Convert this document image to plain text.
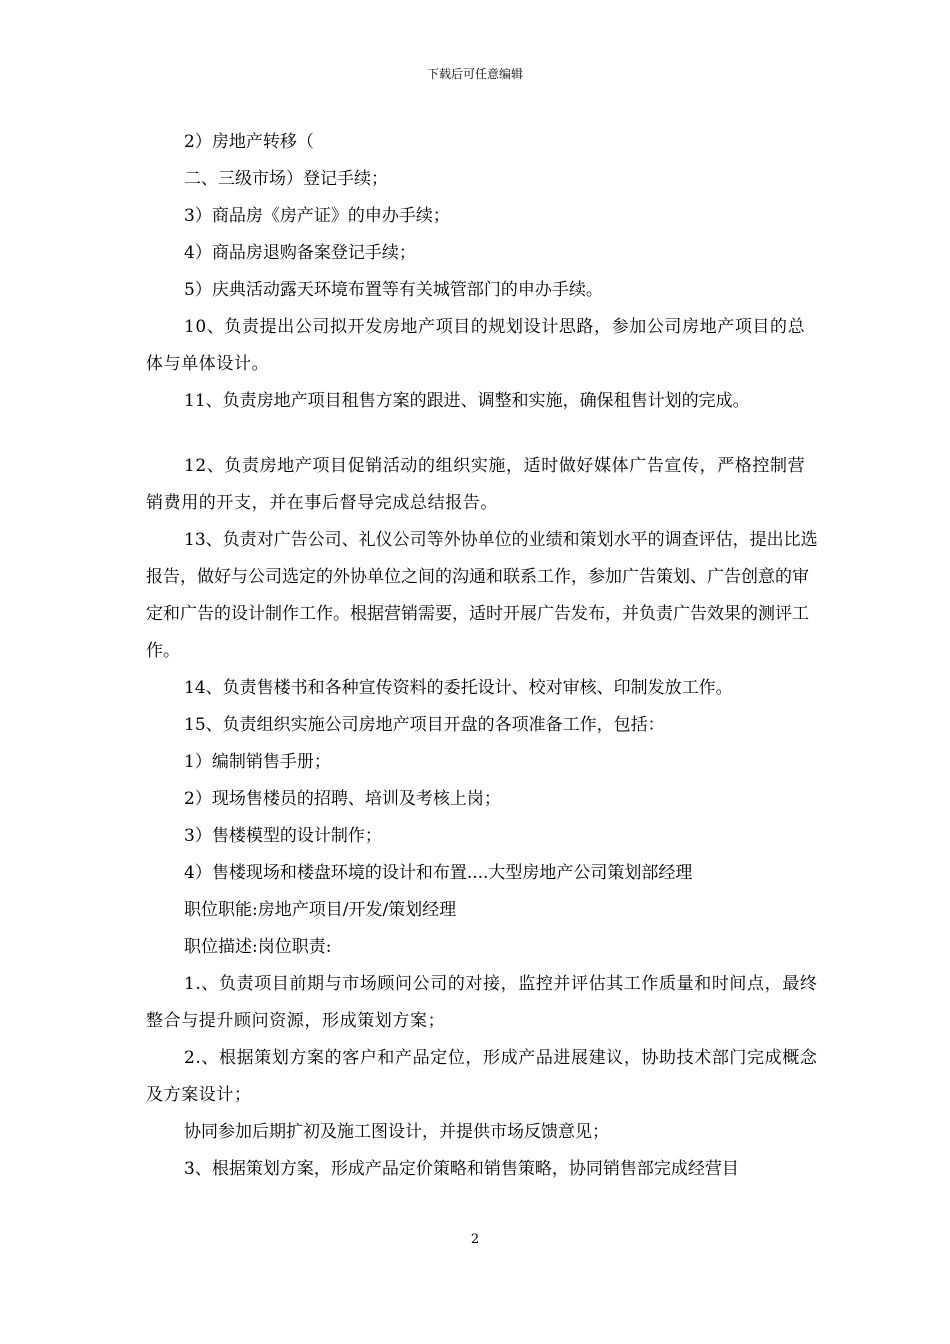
下载后可任意编辑

2）房地产转移（

二、三级市场）登记手续；

3）商品房《房产证》的申办手续；

4）商品房退购备案登记手续；

5）庆典活动露天环境布置等有关城管部门的申办手续。

10、负责提出公司拟开发房地产项目的规划设计思路，参加公司房地产项目的总体与单体设计。

11、负责房地产项目租售方案的跟进、调整和实施，确保租售计划的完成。

12、负责房地产项目促销活动的组织实施，适时做好媒体广告宣传，严格控制营销费用的开支，并在事后督导完成总结报告。

13、负责对广告公司、礼仪公司等外协单位的业绩和策划水平的调查评估，提出比选报告，做好与公司选定的外协单位之间的沟通和联系工作，参加广告策划、广告创意的审定和广告的设计制作工作。根据营销需要，适时开展广告发布，并负责广告效果的测评工作。

14、负责售楼书和各种宣传资料的委托设计、校对审核、印制发放工作。

15、负责组织实施公司房地产项目开盘的各项准备工作，包括：

1）编制销售手册；

2）现场售楼员的招聘、培训及考核上岗；

3）售楼模型的设计制作；

4）售楼现场和楼盘环境的设计和布置....大型房地产公司策划部经理

职位职能:房地产项目/开发/策划经理

职位描述:岗位职责:

1.、负责项目前期与市场顾问公司的对接，监控并评估其工作质量和时间点，最终整合与提升顾问资源，形成策划方案；

2.、根据策划方案的客户和产品定位，形成产品进展建议，协助技术部门完成概念及方案设计；

协同参加后期扩初及施工图设计，并提供市场反馈意见；

3、根据策划方案，形成产品定价策略和销售策略，协同销售部完成经营目

2
